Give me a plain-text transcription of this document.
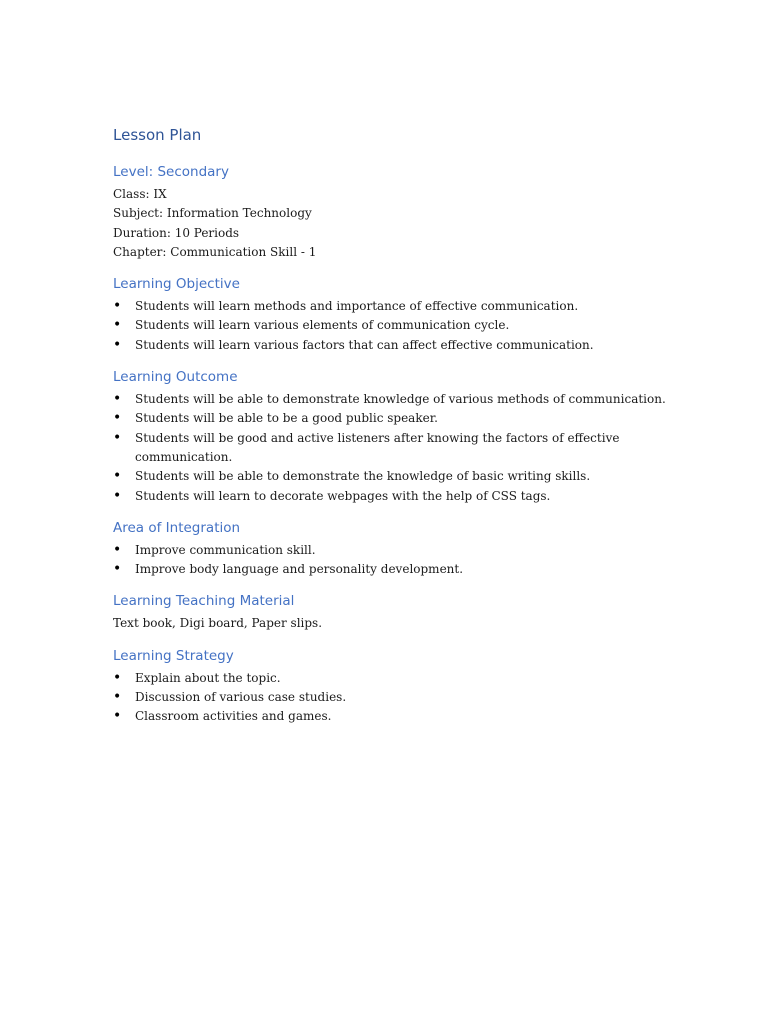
Lesson Plan
Level: Secondary

Class: IX

Subject: Information Technology

Duration: 10 Periods

Chapter: Communication Skill - 1

Learning Objective
• Students will learn methods and importance of effective communication.
• Students will learn various elements of communication cycle.
• Students will learn various factors that can affect effective communication.
Learning Outcome
• Students will be able to demonstrate knowledge of various methods of communication.
• Students will be able to be a good public speaker.
• Students will be good and active listeners after knowing the factors of effective communication.
• Students will be able to demonstrate the knowledge of basic writing skills.
• Students will learn to decorate webpages with the help of CSS tags.
Area of Integration
• Improve communication skill.
• Improve body language and personality development.
Learning Teaching Material

Text book, Digi board, Paper slips.

Learning Strategy
• Explain about the topic.
• Discussion of various case studies.
• Classroom activities and games.
